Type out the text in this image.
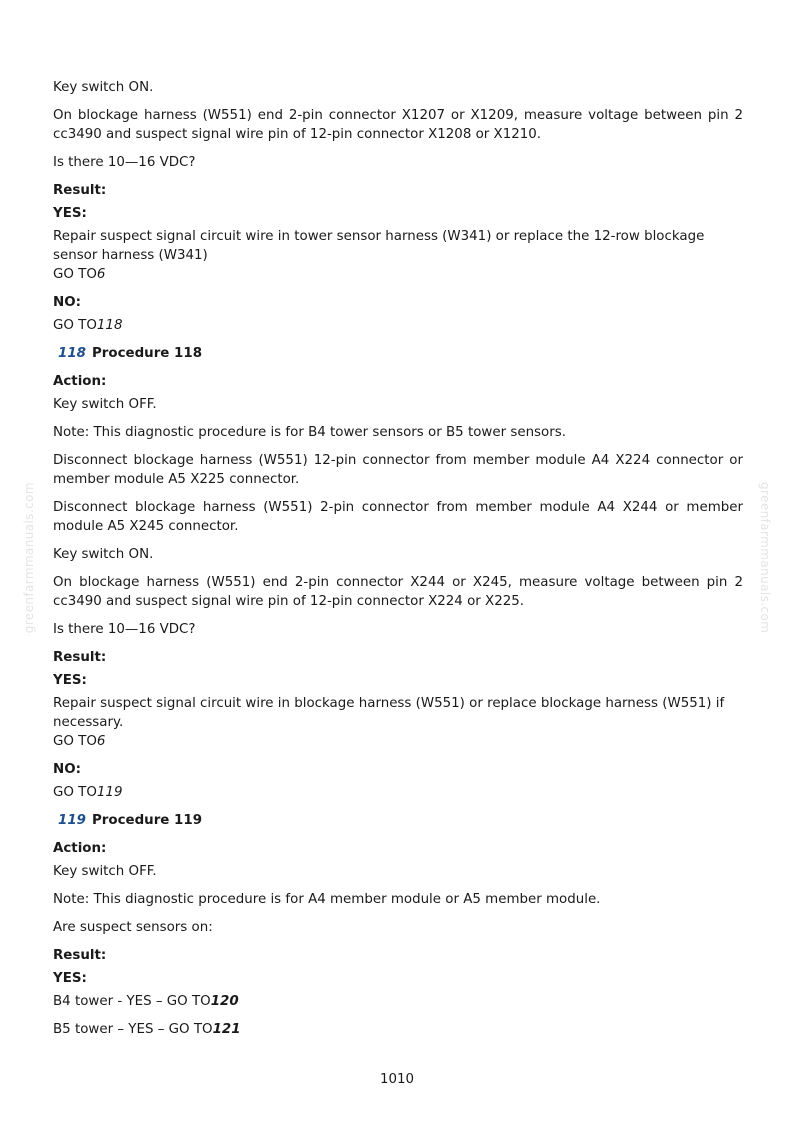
greenfarmmanuals.com	greenfarmmanuals.com

Key switch ON.

On blockage harness (W551) end 2-pin connector X1207 or X1209, measure voltage between pin 2 cc3490 and suspect signal wire pin of 12-pin connector X1208 or X1210.

Is there 10—16 VDC?

Result:

YES:

Repair suspect signal circuit wire in tower sensor harness (W341) or replace the 12-row blockage sensor harness (W341)

GO TO6

NO:

GO TO118

118 Procedure 118

Action:

Key switch OFF.

Note: This diagnostic procedure is for B4 tower sensors or B5 tower sensors.

Disconnect blockage harness (W551) 12-pin connector from member module A4 X224 connector or member module A5 X225 connector.

Disconnect blockage harness (W551) 2-pin connector from member module A4 X244 or member module A5 X245 connector.

Key switch ON.

On blockage harness (W551) end 2-pin connector X244 or X245, measure voltage between pin 2 cc3490 and suspect signal wire pin of 12-pin connector X224 or X225.

Is there 10—16 VDC?

Result:

YES:

Repair suspect signal circuit wire in blockage harness (W551) or replace blockage harness (W551) if necessary.

GO TO6

NO:

GO TO119

119 Procedure 119

Action:

Key switch OFF.

Note: This diagnostic procedure is for A4 member module or A5 member module.

Are suspect sensors on:

Result:

YES:

B4 tower - YES – GO TO120

B5 tower – YES – GO TO121

1010
